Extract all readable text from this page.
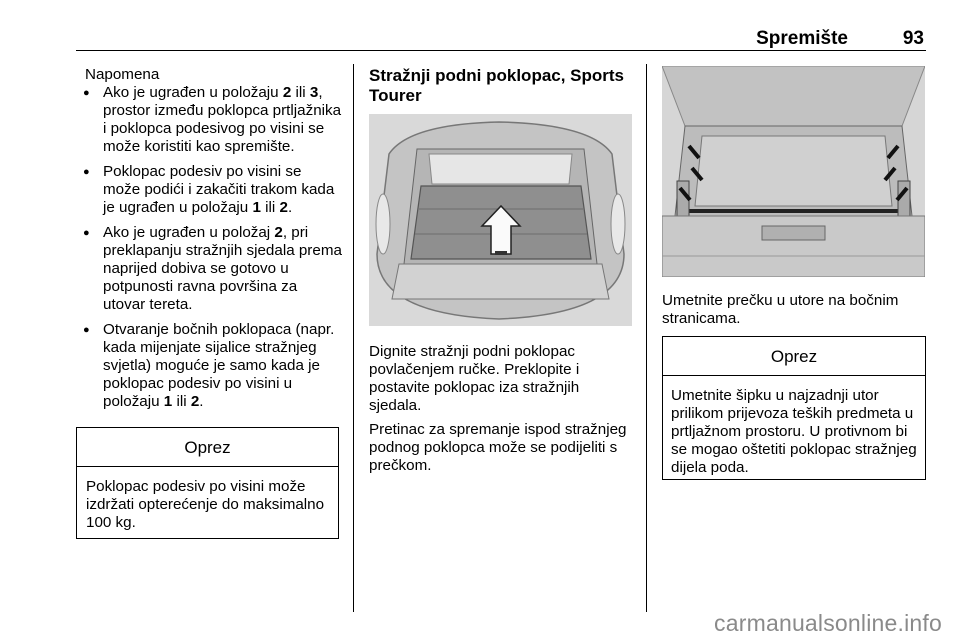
Spremište	93
Napomena
● Ako je ugrađen u položaju 2 ili 3, prostor između poklopca prtljažnika i poklopca podesivog po visini se može koristiti kao spremište.
● Poklopac podesiv po visini se može podići i zakačiti trakom kada je ugrađen u položaju 1 ili 2.
● Ako je ugrađen u položaj 2, pri preklapanju stražnjih sjedala prema naprijed dobiva se gotovo u potpunosti ravna površina za utovar tereta.
● Otvaranje bočnih poklopaca (napr. kada mijenjate sijalice stražnjeg svjetla) moguće je samo kada je poklopac podesiv po visini u položaju 1 ili 2.
Oprez
Poklopac podesiv po visini može izdržati opterećenje do maksimalno 100 kg.
Stražnji podni poklopac, Sports Tourer

Dignite stražnji podni poklopac povlačenjem ručke. Preklopite i postavite poklopac iza stražnjih sjedala.

Pretinac za spremanje ispod stražnjeg podnog poklopca može se podijeliti s prečkom.

Umetnite prečku u utore na bočnim stranicama.

Oprez
Umetnite šipku u najzadnji utor prilikom prijevoza teških predmeta u prtljažnom prostoru. U protivnom bi se mogao oštetiti poklopac stražnjeg dijela poda.
carmanualsonline.info
